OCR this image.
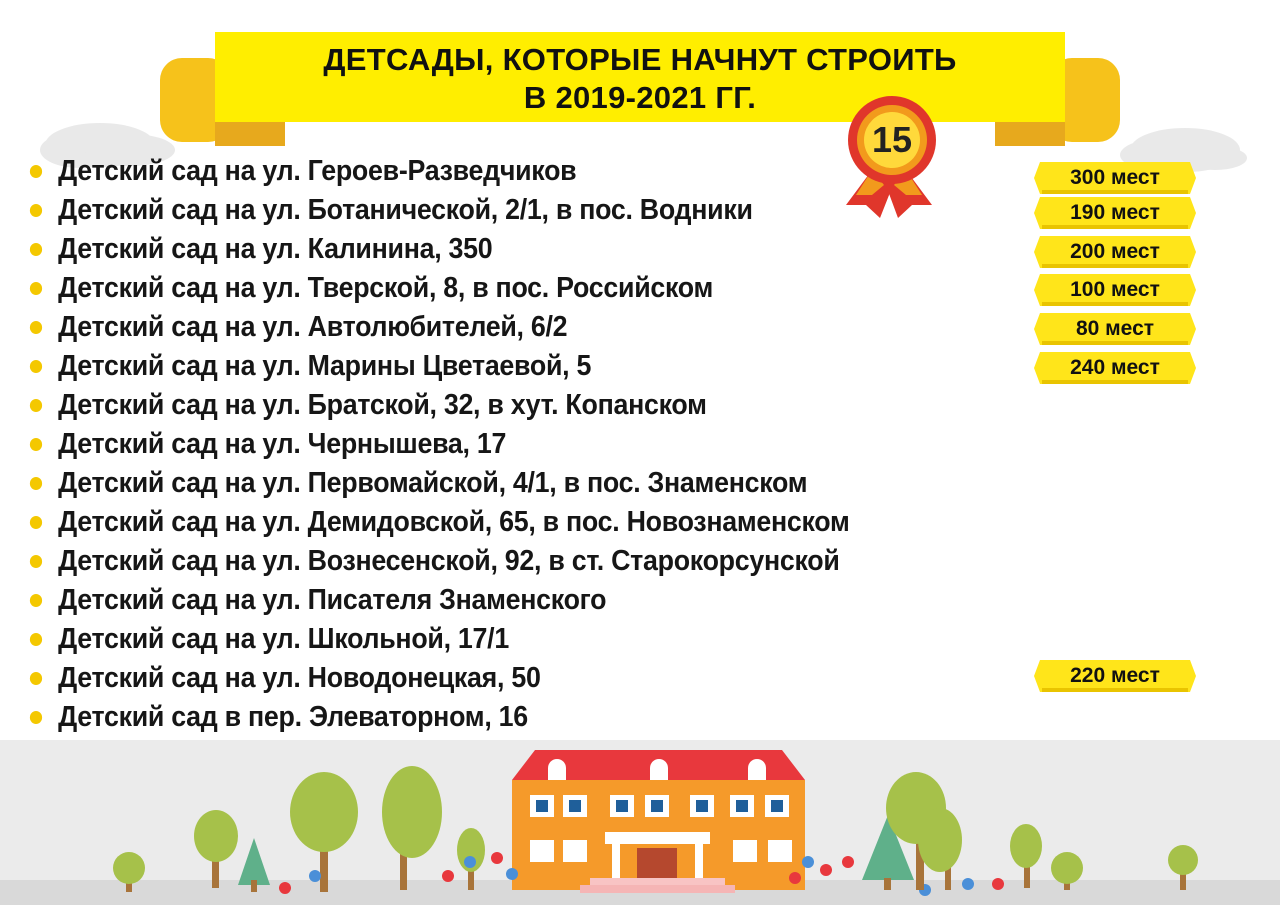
ДЕТСАДЫ, КОТОРЫЕ НАЧНУТ СТРОИТЬ
В 2019-2021 ГГ.
15
Детский сад на ул. Героев-Разведчиков
Детский сад на ул. Ботанической, 2/1, в пос. Водники
Детский сад на ул. Калинина, 350
Детский сад на ул. Тверской, 8, в пос. Российском
Детский сад на ул. Автолюбителей, 6/2
Детский сад на ул. Марины Цветаевой, 5
Детский сад на ул. Братской, 32, в хут. Копанском
Детский сад на ул. Чернышева, 17
Детский сад на ул. Первомайской, 4/1, в пос. Знаменском
Детский сад на ул. Демидовской, 65, в пос. Новознаменском
Детский сад на ул. Вознесенской, 92, в ст. Старокорсунской
Детский сад на ул. Писателя Знаменского
Детский сад на ул. Школьной, 17/1
Детский сад на ул. Новодонецкая, 50
Детский сад в пер. Элеваторном, 16
300 мест
190 мест
200 мест
100 мест
80 мест
240 мест
220 мест
